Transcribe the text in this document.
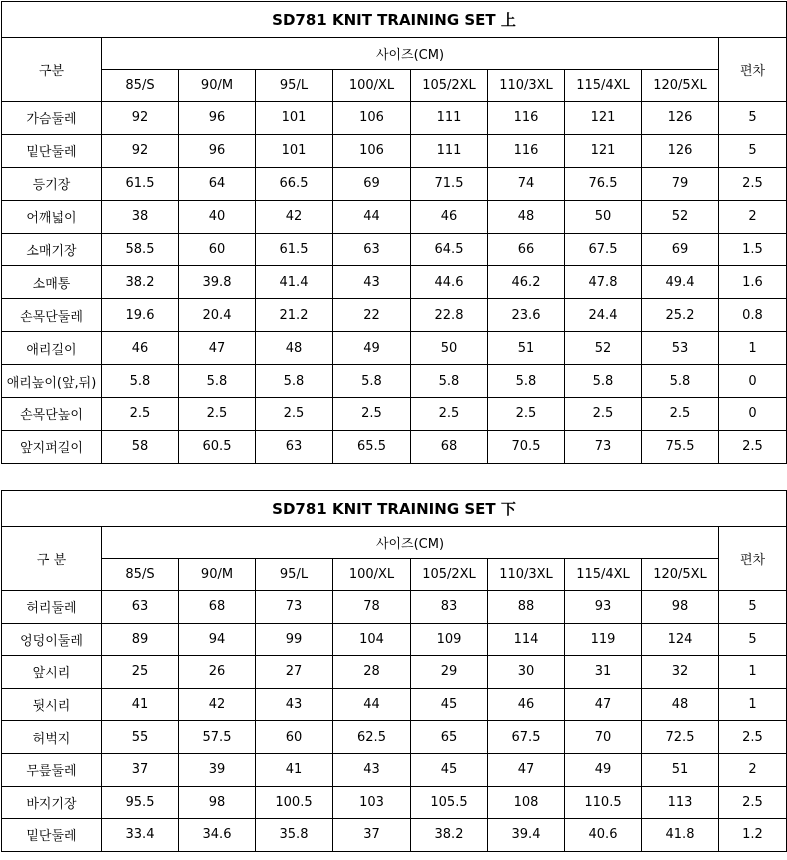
SD781 KNIT TRAINING SET 上									
구분	사이즈(CM)								편차
	85/S	90/M	95/L	100/XL	105/2XL	110/3XL	115/4XL	120/5XL	
가슴둘레	92	96	101	106	111	116	121	126	5
밑단둘레	92	96	101	106	111	116	121	126	5
등기장	61.5	64	66.5	69	71.5	74	76.5	79	2.5
어깨넓이	38	40	42	44	46	48	50	52	2
소매기장	58.5	60	61.5	63	64.5	66	67.5	69	1.5
소매통	38.2	39.8	41.4	43	44.6	46.2	47.8	49.4	1.6
손목단둘레	19.6	20.4	21.2	22	22.8	23.6	24.4	25.2	0.8
애리길이	46	47	48	49	50	51	52	53	1
애리높이(앞,뒤)	5.8	5.8	5.8	5.8	5.8	5.8	5.8	5.8	0
손목단높이	2.5	2.5	2.5	2.5	2.5	2.5	2.5	2.5	0
앞지퍼길이	58	60.5	63	65.5	68	70.5	73	75.5	2.5
SD781 KNIT TRAINING SET 下									
구 분	사이즈(CM)								편차
	85/S	90/M	95/L	100/XL	105/2XL	110/3XL	115/4XL	120/5XL	
허리둘레	63	68	73	78	83	88	93	98	5
엉덩이둘레	89	94	99	104	109	114	119	124	5
앞시리	25	26	27	28	29	30	31	32	1
뒷시리	41	42	43	44	45	46	47	48	1
허벅지	55	57.5	60	62.5	65	67.5	70	72.5	2.5
무릎둘레	37	39	41	43	45	47	49	51	2
바지기장	95.5	98	100.5	103	105.5	108	110.5	113	2.5
밑단둘레	33.4	34.6	35.8	37	38.2	39.4	40.6	41.8	1.2
